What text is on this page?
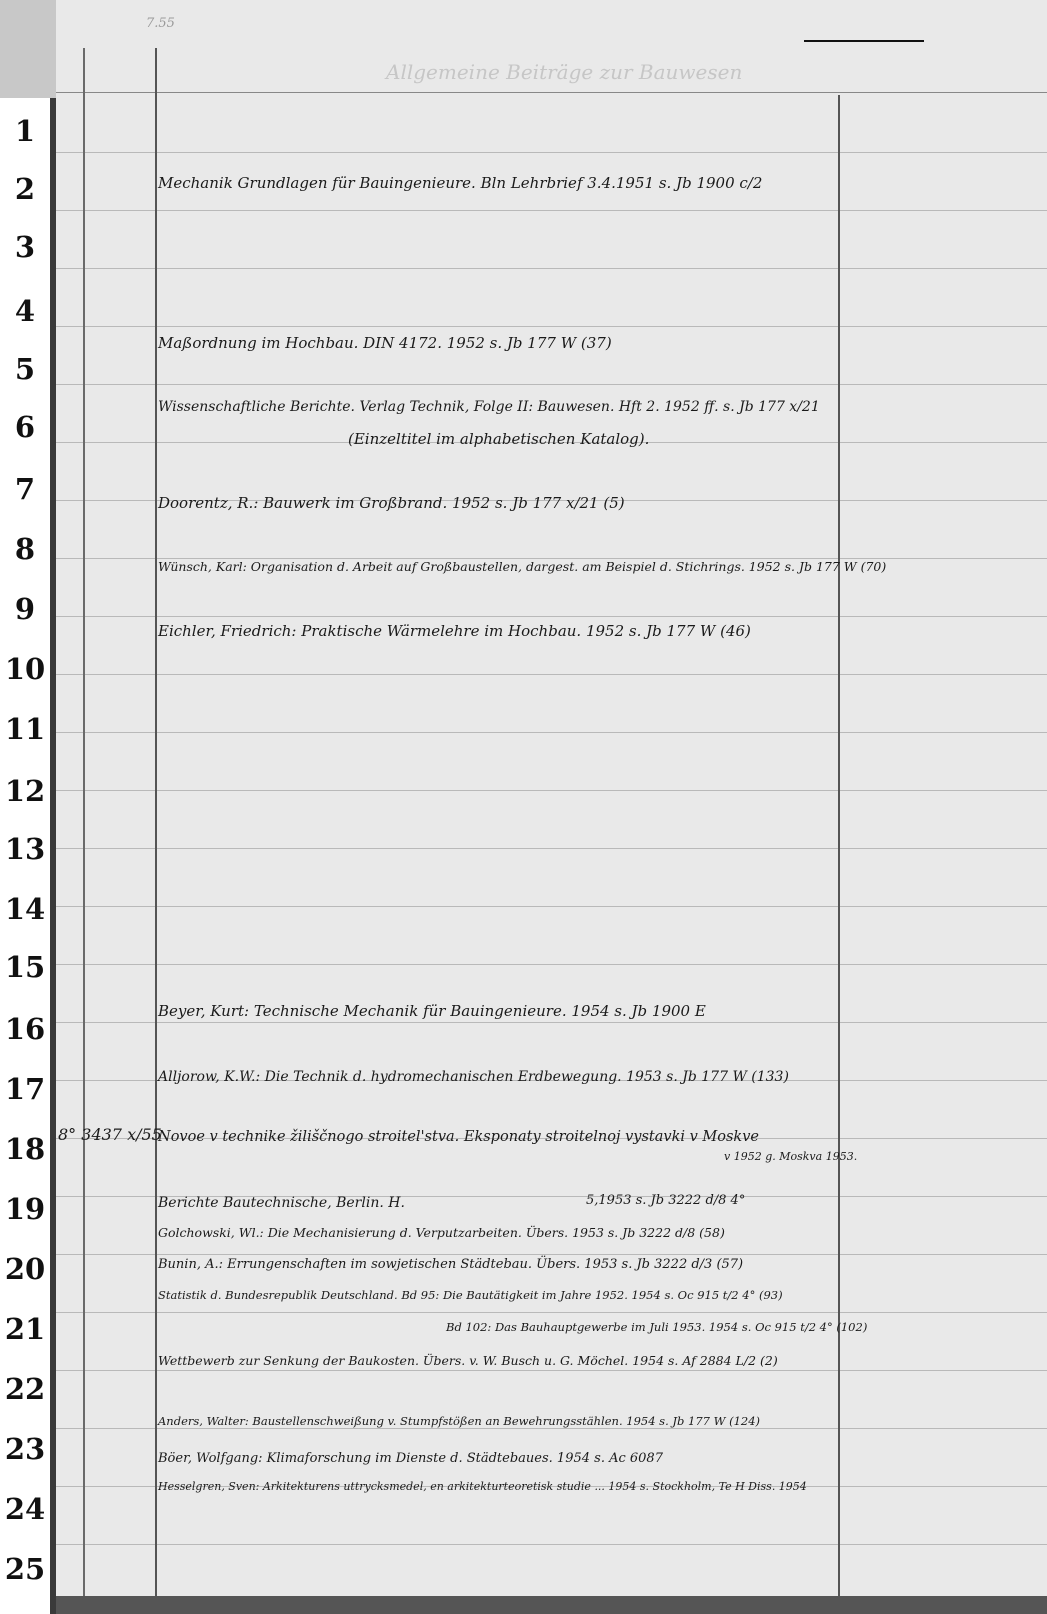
Allgemeine Beiträge zur Bauwesen
7.55
Mechanik Grundlagen für Bauingenieure. Bln Lehrbrief 3.4.1951 s. Jb 1900 c/2
Maßordnung im Hochbau. DIN 4172. 1952 s. Jb 177 W (37)
Wissenschaftliche Berichte. Verlag Technik, Folge II: Bauwesen. Hft 2. 1952 ff. s. Jb 177 x/21
(Einzeltitel im alphabetischen Katalog).
Doorentz, R.: Bauwerk im Großbrand. 1952 s. Jb 177 x/21 (5)
Wünsch, Karl: Organisation d. Arbeit auf Großbaustellen, dargest. am Beispiel d. Stichrings. 1952 s. Jb 177 W (70)
Eichler, Friedrich: Praktische Wärmelehre im Hochbau. 1952 s. Jb 177 W (46)
Beyer, Kurt: Technische Mechanik für Bauingenieure. 1954 s. Jb 1900 E
Alljorow, K.W.: Die Technik d. hydromechanischen Erdbewegung. 1953 s. Jb 177 W (133)
8° 3437 x/55
Novoe v technike žiliščnogo stroitel'stva. Eksponaty stroitelnoj vystavki v Moskve
v 1952 g. Moskva 1953.
Berichte Bautechnische, Berlin. H.	5,1953 s. Jb 3222 d/8 4°
Golchowski, Wl.: Die Mechanisierung d. Verputzarbeiten. Übers. 1953 s. Jb 3222 d/8 (58)
Bunin, A.: Errungenschaften im sowjetischen Städtebau. Übers. 1953 s. Jb 3222 d/3 (57)
Statistik d. Bundesrepublik Deutschland. Bd 95: Die Bautätigkeit im Jahre 1952. 1954 s. Oc 915 t/2 4° (93)
Bd 102: Das Bauhauptgewerbe im Juli 1953. 1954 s. Oc 915 t/2 4° (102)
Wettbewerb zur Senkung der Baukosten. Übers. v. W. Busch u. G. Möchel. 1954 s. Af 2884 L/2 (2)
Anders, Walter: Baustellenschweißung v. Stumpfstößen an Bewehrungsstählen. 1954 s. Jb 177 W (124)
Böer, Wolfgang: Klimaforschung im Dienste d. Städtebaues. 1954 s. Ac 6087
Hesselgren, Sven: Arkitekturens uttrycksmedel, en arkitekturteoretisk studie ... 1954 s. Stockholm, Te H Diss. 1954
1
2
3
4
5
6
7
8
9
10
11
12
13
14
15
16
17
18
19
20
21
22
23
24
25
